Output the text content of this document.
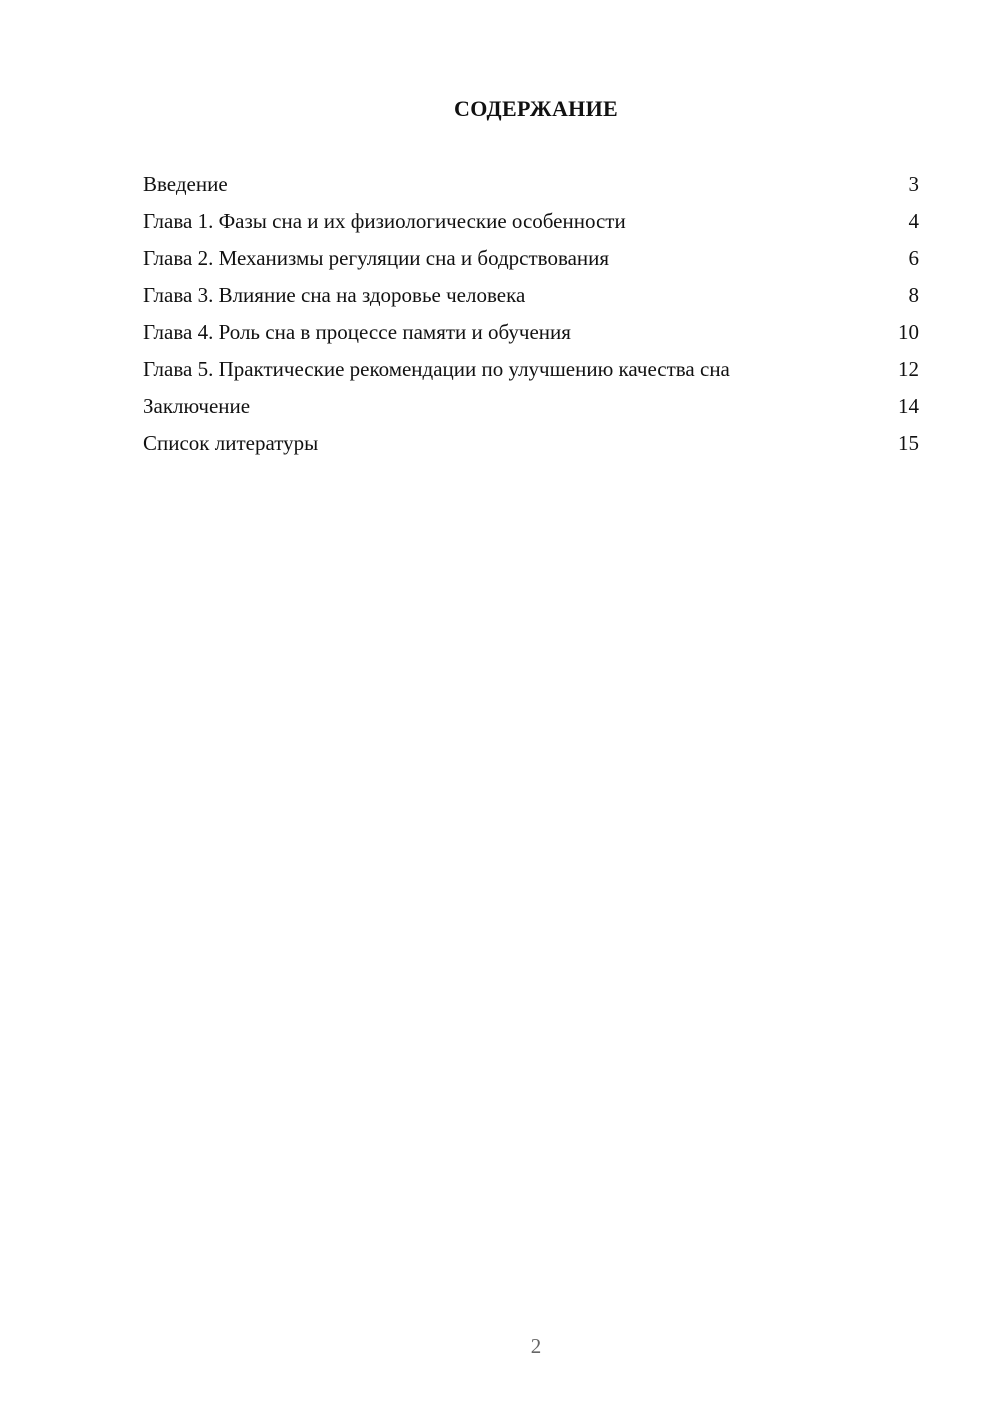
СОДЕРЖАНИЕ
Введение	3
Глава 1. Фазы сна и их физиологические особенности	4
Глава 2. Механизмы регуляции сна и бодрствования	6
Глава 3. Влияние сна на здоровье человека	8
Глава 4. Роль сна в процессе памяти и обучения	10
Глава 5. Практические рекомендации по улучшению качества сна	12
Заключение	14
Список литературы	15
2
